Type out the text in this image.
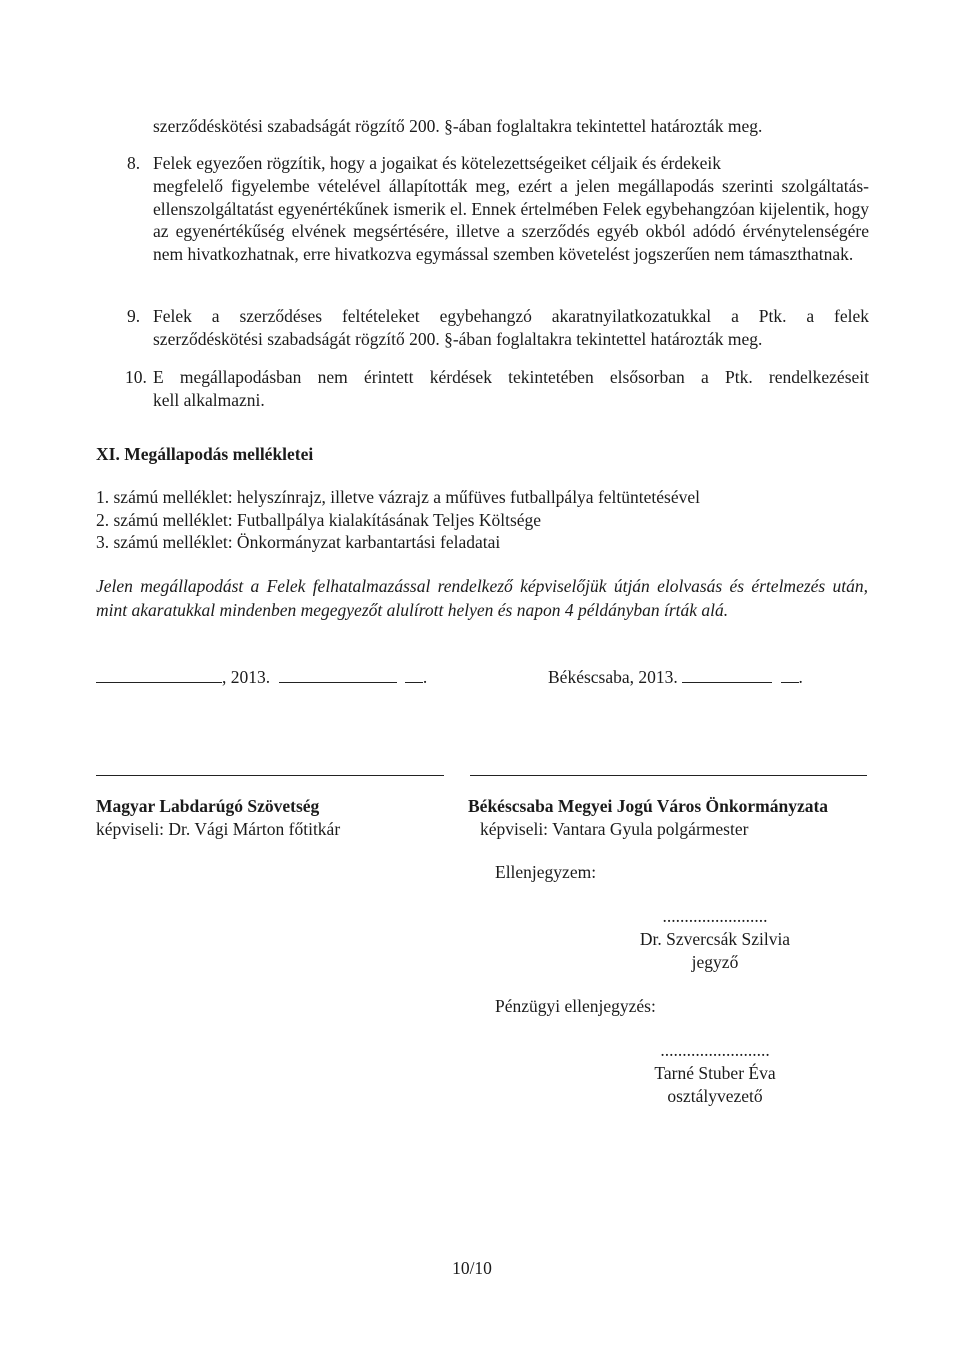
szerződéskötési szabadságát rögzítő 200. §-ában foglaltakra tekintettel határozták meg.
8. Felek egyezően rögzítik, hogy a jogaikat és kötelezettségeiket céljaik és érdekeik

megfelelő figyelembe vételével állapították meg, ezért a jelen megállapodás szerinti szolgáltatás-ellenszolgáltatást egyenértékűnek ismerik el. Ennek értelmében Felek egybehangzóan kijelentik, hogy az egyenértékűség elvének megsértésére, illetve a szerződés egyéb okból adódó érvénytelenségére nem hivatkozhatnak, erre hivatkozva egymással szemben követelést jogszerűen nem támaszthatnak.

9. Felek a szerződéses feltételeket egybehangzó akaratnyilatkozatukkal a Ptk. a felek
szerződéskötési szabadságát rögzítő 200. §-ában foglaltakra tekintettel határozták meg.
10. E megállapodásban nem érintett kérdések tekintetében elsősorban a Ptk. rendelkezéseit
kell alkalmazni.
XI. Megállapodás mellékletei
1. számú melléklet: helyszínrajz, illetve vázrajz a műfüves futballpálya feltüntetésével
2. számú melléklet: Futballpálya kialakításának Teljes Költsége
3. számú melléklet: Önkormányzat karbantartási feladatai
Jelen megállapodást a Felek felhatalmazással rendelkező képviselőjük útján elolvasás és értelmezés után, mint akaratukkal mindenben megegyezőt alulírott helyen és napon 4 példányban írták alá.
, 2013.	.	Békéscsaba, 2013.	.
Magyar Labdarúgó Szövetség
képviseli: Dr. Vági Márton főtitkár
Békéscsaba Megyei Jogú Város Önkormányzata
képviseli: Vantara Gyula polgármester
Ellenjegyzem:
........................
Dr. Szvercsák Szilvia
jegyző
Pénzügyi ellenjegyzés:
.........................
Tarné Stuber Éva
osztályvezető
10/10
